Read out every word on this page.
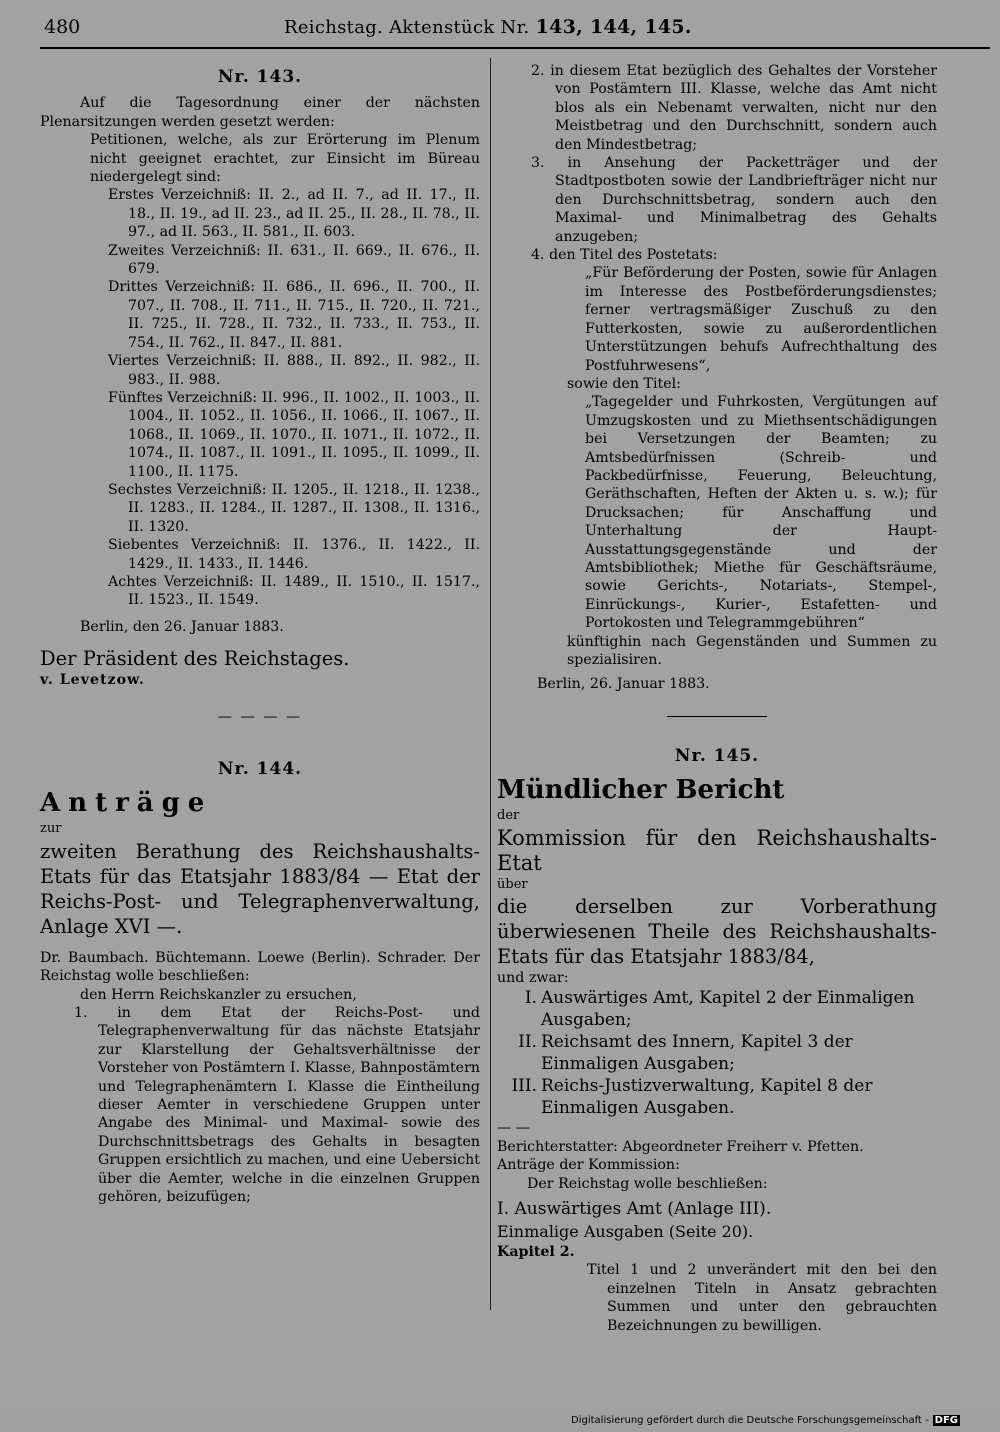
480	Reichstag. Aktenstück Nr. 143, 144, 145.
Nr. 143.

Auf die Tagesordnung einer der nächsten Plenarsitzungen werden gesetzt werden:

Petitionen, welche, als zur Erörterung im Plenum nicht geeignet erachtet, zur Einsicht im Büreau niedergelegt sind:

Erstes Verzeichniß: II. 2., ad II. 7., ad II. 17., II. 18., II. 19., ad II. 23., ad II. 25., II. 28., II. 78., II. 97., ad II. 563., II. 581., II. 603.

Zweites Verzeichniß: II. 631., II. 669., II. 676., II. 679.

Drittes Verzeichniß: II. 686., II. 696., II. 700., II. 707., II. 708., II. 711., II. 715., II. 720., II. 721., II. 725., II. 728., II. 732., II. 733., II. 753., II. 754., II. 762., II. 847., II. 881.

Viertes Verzeichniß: II. 888., II. 892., II. 982., II. 983., II. 988.

Fünftes Verzeichniß: II. 996., II. 1002., II. 1003., II. 1004., II. 1052., II. 1056., II. 1066., II. 1067., II. 1068., II. 1069., II. 1070., II. 1071., II. 1072., II. 1074., II. 1087., II. 1091., II. 1095., II. 1099., II. 1100., II. 1175.

Sechstes Verzeichniß: II. 1205., II. 1218., II. 1238., II. 1283., II. 1284., II. 1287., II. 1308., II. 1316., II. 1320.

Siebentes Verzeichniß: II. 1376., II. 1422., II. 1429., II. 1433., II. 1446.

Achtes Verzeichniß: II. 1489., II. 1510., II. 1517., II. 1523., II. 1549.

Berlin, den 26. Januar 1883.

Der Präsident des Reichstages.

v. Levetzow.

— — — —
Nr. 144.

Anträge

zur

zweiten Berathung des Reichshaushalts-Etats für das Etatsjahr 1883/84 — Etat der Reichs-Post- und Telegraphenverwaltung, Anlage XVI —.

Dr. Baumbach. Büchtemann. Loewe (Berlin). Schrader. Der Reichstag wolle beschließen:

den Herrn Reichskanzler zu ersuchen,

1. in dem Etat der Reichs-Post- und Telegraphenverwaltung für das nächste Etatsjahr zur Klarstellung der Gehaltsverhältnisse der Vorsteher von Postämtern I. Klasse, Bahnpostämtern und Telegraphenämtern I. Klasse die Eintheilung dieser Aemter in verschiedene Gruppen unter Angabe des Minimal- und Maximal- sowie des Durchschnittsbetrags des Gehalts in besagten Gruppen ersichtlich zu machen, und eine Uebersicht über die Aemter, welche in die einzelnen Gruppen gehören, beizufügen;

2. in diesem Etat bezüglich des Gehaltes der Vorsteher von Postämtern III. Klasse, welche das Amt nicht blos als ein Nebenamt verwalten, nicht nur den Meistbetrag und den Durchschnitt, sondern auch den Mindestbetrag;

3. in Ansehung der Packetträger und der Stadtpostboten sowie der Landbriefträger nicht nur den Durchschnittsbetrag, sondern auch den Maximal- und Minimalbetrag des Gehalts anzugeben;

4. den Titel des Postetats:

„Für Beförderung der Posten, sowie für Anlagen im Interesse des Postbeförderungsdienstes; ferner vertragsmäßiger Zuschuß zu den Futterkosten, sowie zu außerordentlichen Unterstützungen behufs Aufrechthaltung des Postfuhrwesens“,

sowie den Titel:

„Tagegelder und Fuhrkosten, Vergütungen auf Umzugskosten und zu Miethsentschädigungen bei Versetzungen der Beamten; zu Amtsbedürfnissen (Schreib- und Packbedürfnisse, Feuerung, Beleuchtung, Geräthschaften, Heften der Akten u. s. w.); für Drucksachen; für Anschaffung und Unterhaltung der Haupt-Ausstattungsgegenstände und der Amtsbibliothek; Miethe für Geschäftsräume, sowie Gerichts-, Notariats-, Stempel-, Einrückungs-, Kurier-, Estafetten- und Portokosten und Telegrammgebühren“

künftighin nach Gegenständen und Summen zu spezialisiren.

Berlin, 26. Januar 1883.

Nr. 145.

Mündlicher Bericht

der

Kommission für den Reichshaushalts-Etat

über

die derselben zur Vorberathung überwiesenen Theile des Reichshaushalts-Etats für das Etatsjahr 1883/84,

und zwar:

I. Auswärtiges Amt, Kapitel 2 der Einmaligen Ausgaben;
II. Reichsamt des Innern, Kapitel 3 der Einmaligen Ausgaben;
III. Reichs-Justizverwaltung, Kapitel 8 der Einmaligen Ausgaben.

— —

Berichterstatter: Abgeordneter Freiherr v. Pfetten.

Anträge der Kommission:

Der Reichstag wolle beschließen:

I. Auswärtiges Amt (Anlage III).

Einmalige Ausgaben (Seite 20).

Kapitel 2.

Titel 1 und 2 unverändert mit den bei den einzelnen Titeln in Ansatz gebrachten Summen und unter den gebrauchten Bezeichnungen zu bewilligen.

Digitalisierung gefördert durch die Deutsche Forschungsgemeinschaft - DFG
